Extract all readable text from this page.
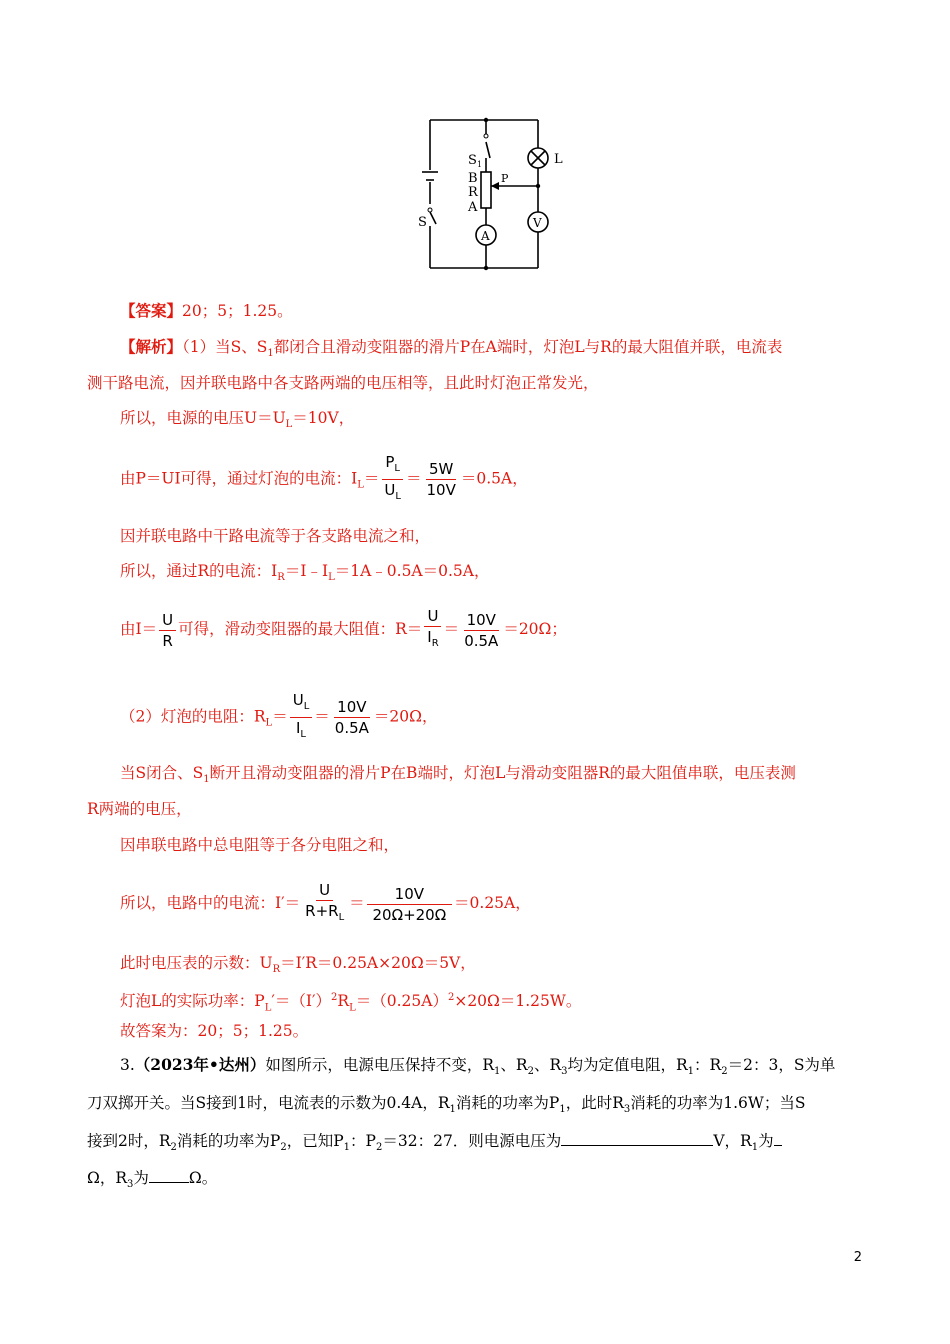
S 1
B
R
A
P
S
L
A
V
【答案】20；5；1.25。
【解析】（1）当S、$S_1$都闭合且滑动变阻器的滑片P在A端时，灯泡L与R的最大阻值并联，电流表
测干路电流，因并联电路中各支路两端的电压相等，且此时灯泡正常发光，
所以，电源的电压$U=U_L=10V$，
由P＝UI可得，通过灯泡的电流：$I_L= \frac{P_L}{U_L} = \frac{5W}{10V} =0.5A$，
因并联电路中干路电流等于各支路电流之和，
所以，通过R的电流：$I_R=I﹣I_L=1A﹣0.5A=0.5A$，
由$I= \frac{U}{R}$ 可得，滑动变阻器的最大阻值：$R= \frac{U}{I_R} = \frac{10V}{0.5A} =20\Omega$；
（2）灯泡的电阻：$R_L= \frac{U_L}{I_L} = \frac{10V}{0.5A} =20\Omega$，
当S闭合、$S_1$断开且滑动变阻器的滑片P在B端时，灯泡L与滑动变阻器R的最大阻值串联，电压表测
R两端的电压，
因串联电路中总电阻等于各分电阻之和，
所以，电路中的电流：$I'= \frac{U}{R+R_L} = \frac{10V}{20\Omega+20\Omega} =0.25A$，
此时电压表的示数：$U_R=I'R=0.25A\times 20\Omega=5V$，
灯泡L的实际功率：$P_L'=(I')^2R_L=(0.25A)^2\times 20\Omega=1.25W$。
故答案为：20；5；1.25。
3.（2023年•达州）如图所示，电源电压保持不变，$R_1$、$R_2$、$R_3$均为定值电阻，$R_1$：$R_2=2$：3，S为单
刀双掷开关。当S接到1时，电流表的示数为0.4A，$R_1$消耗的功率为$P_1$，此时$R_3$消耗的功率为1.6W；当S
接到2时，$R_2$消耗的功率为$P_2$，已知$P_1$：$P_2=32$：27．则电源电压为	V，$R_1$为
Ω，$R_3$为	Ω。
2
